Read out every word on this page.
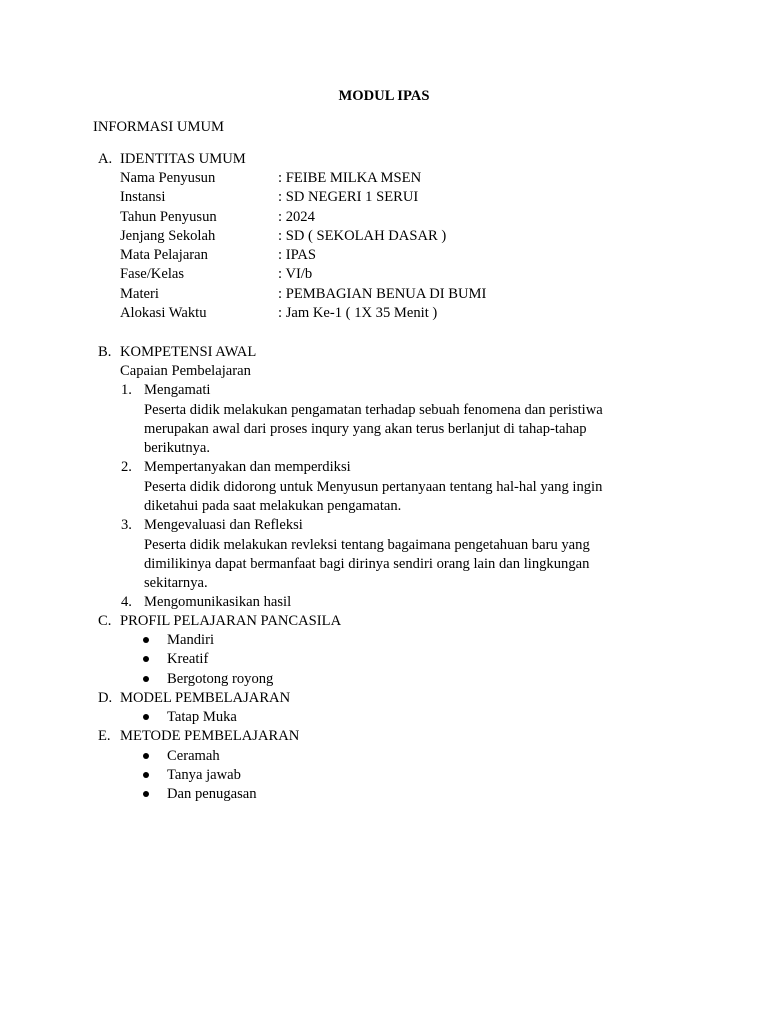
MODUL IPAS
INFORMASI UMUM
A. IDENTITAS UMUM
Nama Penyusun	: FEIBE MILKA MSEN
Instansi	: SD NEGERI 1 SERUI
Tahun Penyusun	: 2024
Jenjang Sekolah	: SD ( SEKOLAH DASAR )
Mata Pelajaran	: IPAS
Fase/Kelas	: VI/b
Materi	: PEMBAGIAN BENUA DI BUMI
Alokasi Waktu	: Jam Ke-1 ( 1X 35 Menit )
B. KOMPETENSI AWAL
Capaian Pembelajaran
1. Mengamati
Peserta didik melakukan pengamatan terhadap sebuah fenomena dan peristiwa
merupakan awal dari proses inqury yang akan terus berlanjut di tahap-tahap
berikutnya.
2. Mempertanyakan dan memperdiksi
Peserta didik didorong untuk Menyusun pertanyaan tentang hal-hal yang ingin
diketahui pada saat melakukan pengamatan.
3. Mengevaluasi dan Refleksi
Peserta didik melakukan revleksi tentang bagaimana pengetahuan baru yang
dimilikinya dapat bermanfaat bagi dirinya sendiri orang lain dan lingkungan
sekitarnya.
4. Mengomunikasikan hasil
C. PROFIL PELAJARAN PANCASILA
Mandiri
Kreatif
Bergotong royong
D. MODEL PEMBELAJARAN
Tatap Muka
E. METODE PEMBELAJARAN
Ceramah
Tanya jawab
Dan penugasan
